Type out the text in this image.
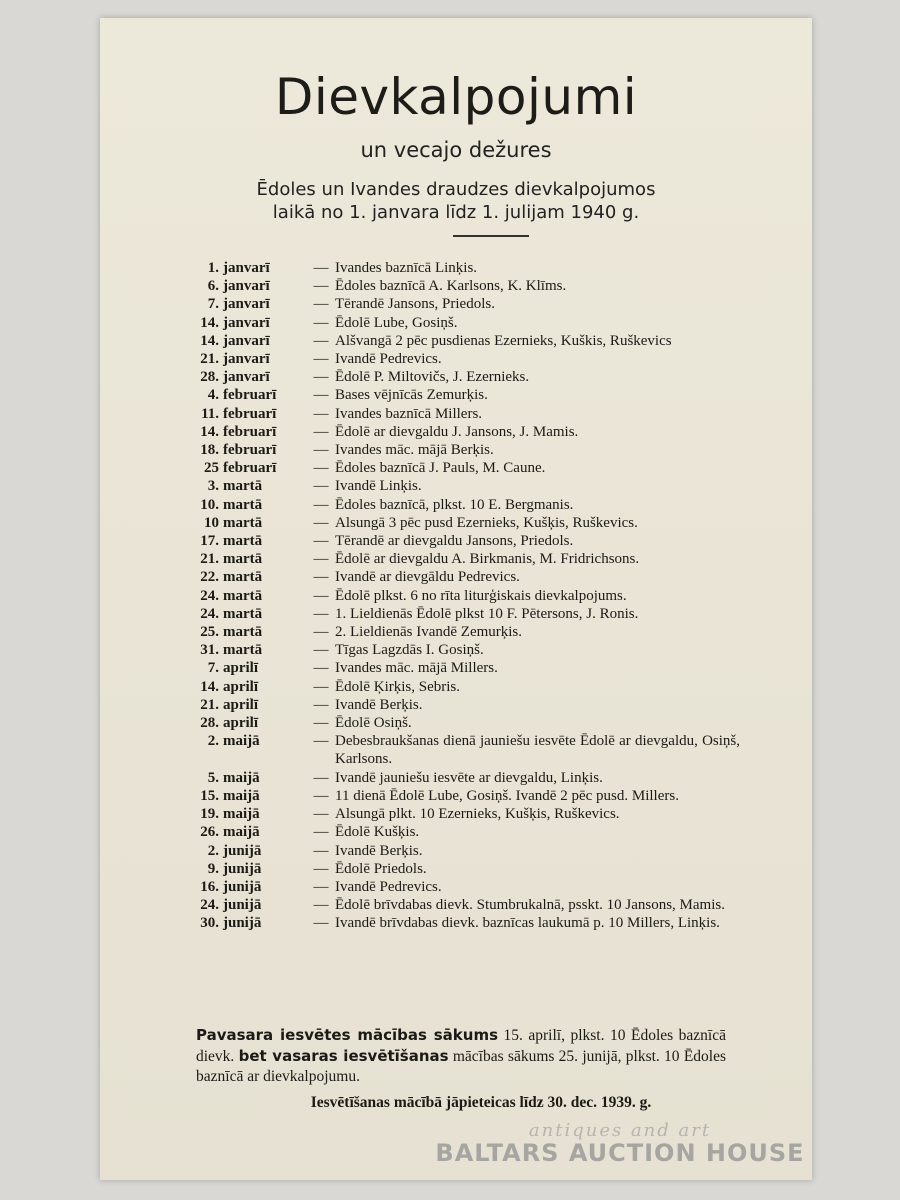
Dievkalpojumi
un vecajo dežures
Ēdoles un Ivandes draudzes dievkalpojumos
laikā no 1. janvara līdz 1. julijam 1940 g.
1. janvarī	— Ivandes baznīcā Linķis.
6. janvarī	— Ēdoles baznīcā A. Karlsons, K. Klīms.
7. janvarī	— Tērandē Jansons, Priedols.
14. janvarī	— Ēdolē Lube, Gosiņš.
14. janvarī	— Alšvangā 2 pēc pusdienas Ezernieks, Kuškis, Ruškevics
21. janvarī	— Ivandē Pedrevics.
28. janvarī	— Ēdolē P. Miltovičs, J. Ezernieks.
4. februarī	— Bases vējnīcās Zemurķis.
11. februarī	— Ivandes baznīcā Millers.
14. februarī	— Ēdolē ar dievgaldu J. Jansons, J. Mamis.
18. februarī	— Ivandes māc. mājā Berķis.
25 februarī	— Ēdoles baznīcā J. Pauls, M. Caune.
3. martā	— Ivandē Linķis.
10. martā	— Ēdoles baznīcā, plkst. 10 E. Bergmanis.
10 martā	— Alsungā 3 pēc pusd Ezernieks, Kušķis, Ruškevics.
17. martā	— Tērandē ar dievgaldu Jansons, Priedols.
21. martā	— Ēdolē ar dievgaldu A. Birkmanis, M. Fridrichsons.
22. martā	— Ivandē ar dievgāldu Pedrevics.
24. martā	— Ēdolē plkst. 6 no rīta liturģiskais dievkalpojums.
24. martā	— 1. Lieldienās Ēdolē plkst 10 F. Pētersons, J. Ronis.
25. martā	— 2. Lieldienās Ivandē Zemurķis.
31. martā	— Tīgas Lagzdās I. Gosiņš.
7. aprilī	— Ivandes māc. mājā Millers.
14. aprilī	— Ēdolē Ķirķis, Sebris.
21. aprilī	— Ivandē Berķis.
28. aprilī	— Ēdolē Osiņš.
2. maijā	— Debesbraukšanas dienā jauniešu iesvēte Ēdolē ar dievgaldu, Osiņš, Karlsons.
5. maijā	— Ivandē jauniešu iesvēte ar dievgaldu, Linķis.
15. maijā	— 11 dienā Ēdolē Lube, Gosiņš. Ivandē 2 pēc pusd. Millers.
19. maijā	— Alsungā plkt. 10 Ezernieks, Kušķis, Ruškevics.
26. maijā	— Ēdolē Kušķis.
2. junijā	— Ivandē Berķis.
9. junijā	— Ēdolē Priedols.
16. junijā	— Ivandē Pedrevics.
24. junijā	— Ēdolē brīvdabas dievk. Stumbrukalnā, psskt. 10 Jansons, Mamis.
30. junijā	— Ivandē brīvdabas dievk. baznīcas laukumā p. 10 Millers, Linķis.
Pavasara iesvētes mācības sākums 15. aprilī, plkst. 10 Ēdoles baznīcā dievk. bet vasaras iesvētīšanas mācības sākums 25. junijā, plkst. 10 Ēdoles baznīcā ar dievkalpojumu.
Iesvētīšanas mācībā jāpieteicas līdz 30. dec. 1939. g.
antiques and art
BALTARS AUCTION HOUSE
